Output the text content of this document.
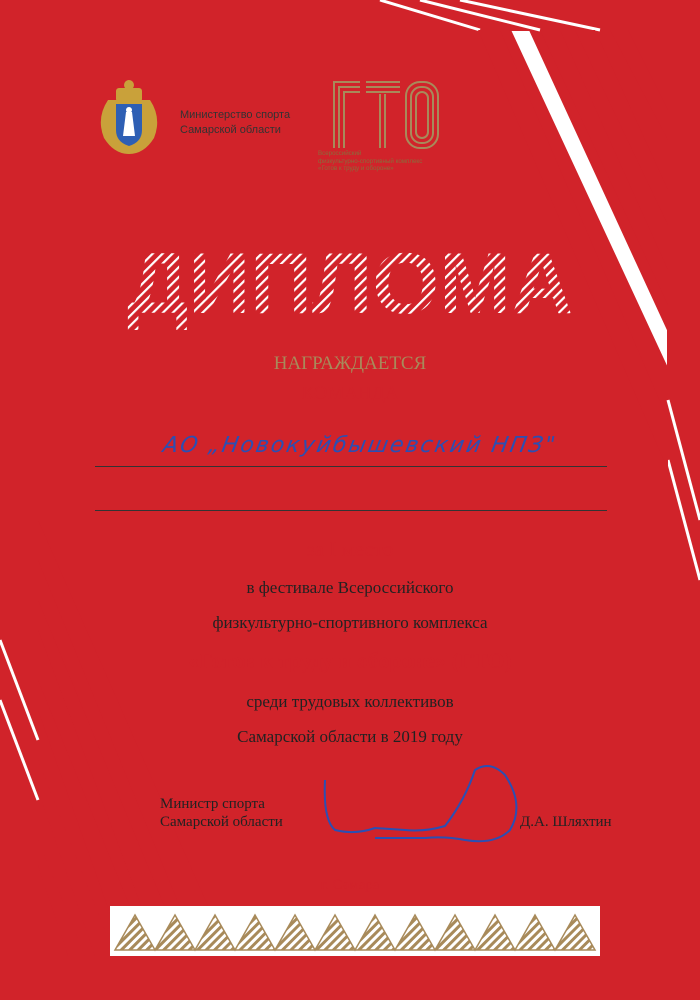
Министерство спорта
Самарской области
Всероссийский
физкультурно-спортивный комплекс
«Готов к труду и обороне»
ДИПЛОМА
НАГРАЖДАЕТСЯ
КОМАНДА
АО „Новокуйбышевский НПЗ"
за I место
в фестивале Всероссийского
физкультурно-спортивного комплекса
«Готов к труду и обороне» (ГТО)
среди трудовых коллективов
Самарской области в 2019 году
Министр спорта
Самарской области	Д.А. Шляхтин
г. Самара
